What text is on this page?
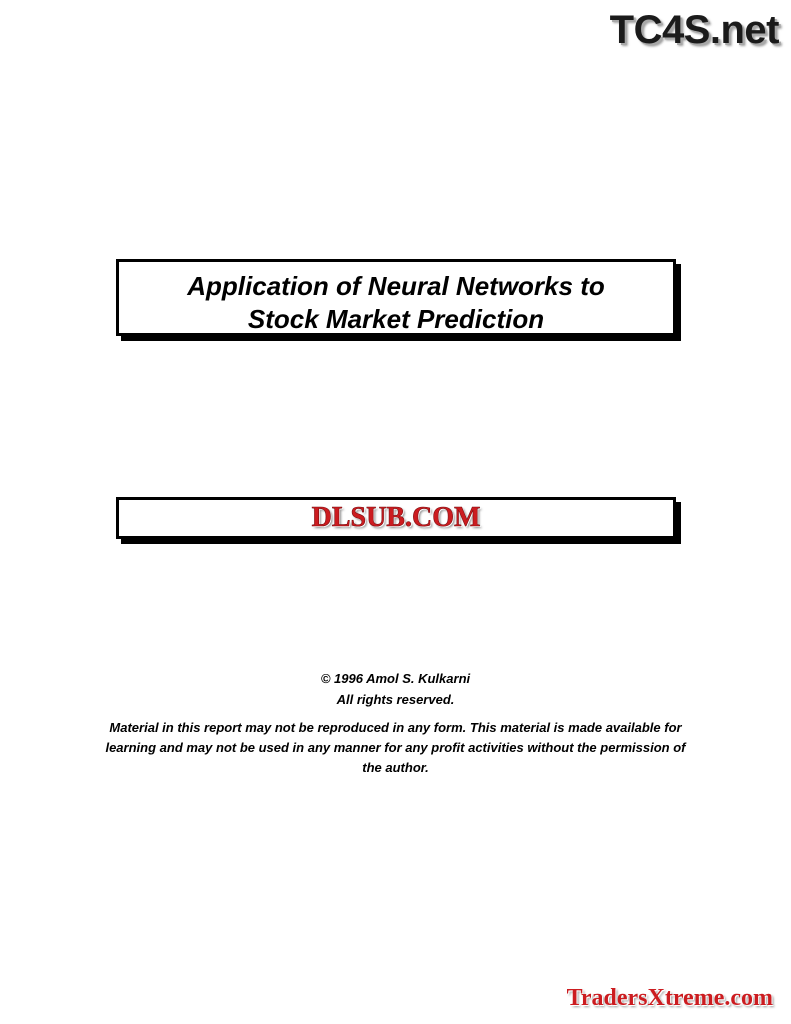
TC4S.net
Application of Neural Networks to
Stock Market Prediction
DLSUB.COM
© 1996 Amol S. Kulkarni
All rights reserved.
Material in this report may not be reproduced in any form. This material is made available for learning and may not be used in any manner for any profit activities without the permission of the author.
TradersXtreme.com
